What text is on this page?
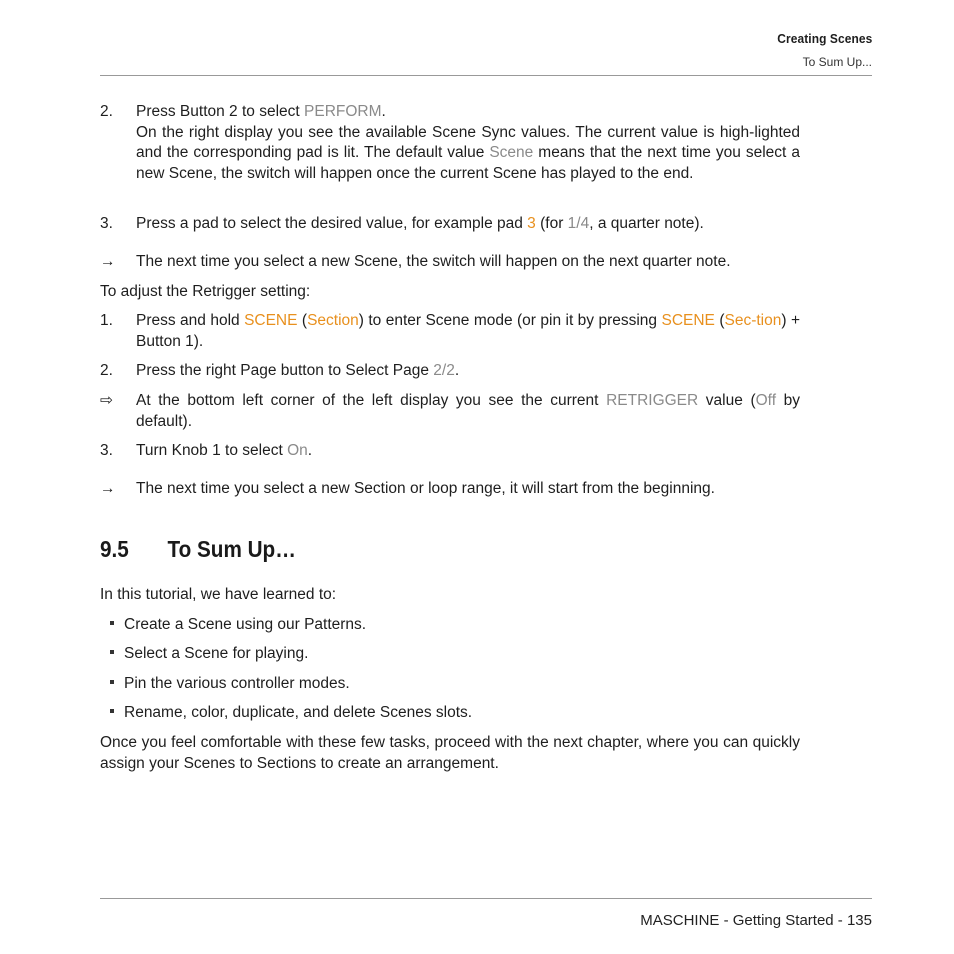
Creating Scenes
To Sum Up...
2. Press Button 2 to select PERFORM.
On the right display you see the available Scene Sync values. The current value is high-lighted and the corresponding pad is lit. The default value Scene means that the next time you select a new Scene, the switch will happen once the current Scene has played to the end.
3. Press a pad to select the desired value, for example pad 3 (for 1/4, a quarter note).
→ The next time you select a new Scene, the switch will happen on the next quarter note.
To adjust the Retrigger setting:
1. Press and hold SCENE (Section) to enter Scene mode (or pin it by pressing SCENE (Sec-tion) + Button 1).
2. Press the right Page button to Select Page 2/2.
⇨ At the bottom left corner of the left display you see the current RETRIGGER value (Off by default).
3. Turn Knob 1 to select On.
→ The next time you select a new Section or loop range, it will start from the beginning.
9.5 To Sum Up…
In this tutorial, we have learned to:
Create a Scene using our Patterns.
Select a Scene for playing.
Pin the various controller modes.
Rename, color, duplicate, and delete Scenes slots.
Once you feel comfortable with these few tasks, proceed with the next chapter, where you can quickly assign your Scenes to Sections to create an arrangement.
MASCHINE - Getting Started - 135
